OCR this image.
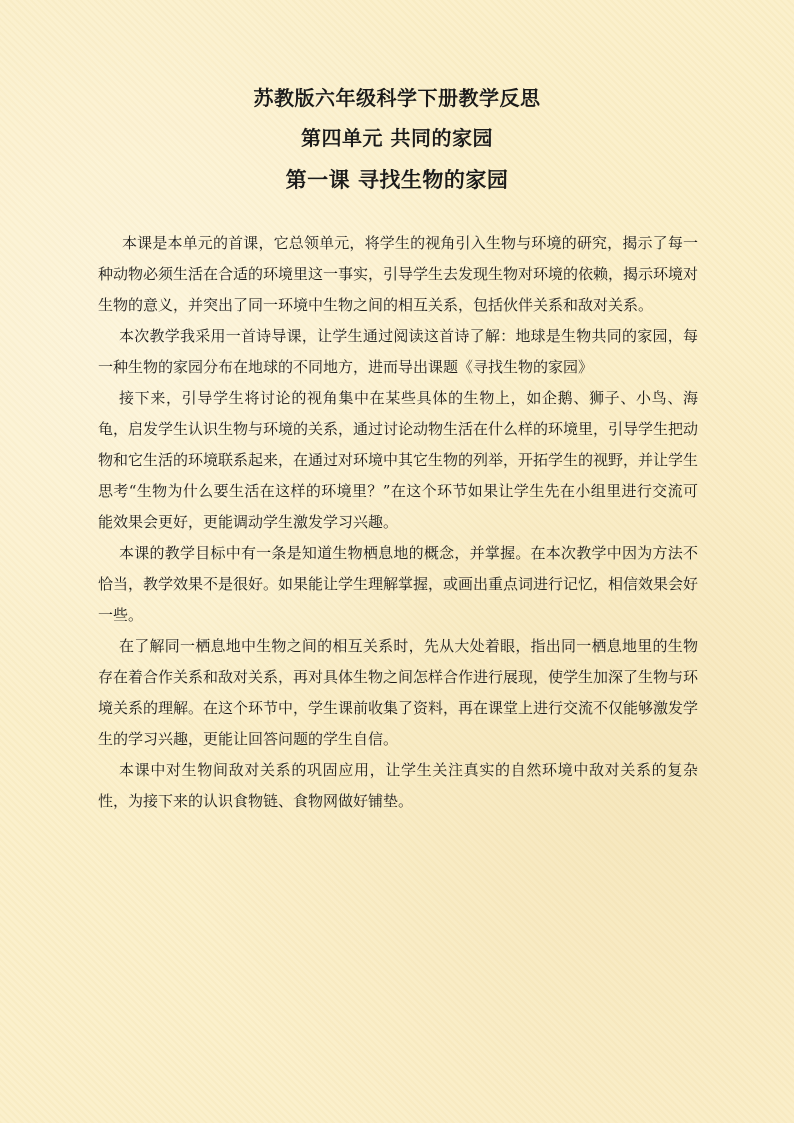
苏教版六年级科学下册教学反思
第四单元 共同的家园
第一课 寻找生物的家园

本课是本单元的首课，它总领单元，将学生的视角引入生物与环境的研究，揭示了每一种动物必须生活在合适的环境里这一事实，引导学生去发现生物对环境的依赖，揭示环境对生物的意义，并突出了同一环境中生物之间的相互关系，包括伙伴关系和敌对关系。

本次教学我采用一首诗导课，让学生通过阅读这首诗了解：地球是生物共同的家园，每一种生物的家园分布在地球的不同地方，进而导出课题《寻找生物的家园》

接下来，引导学生将讨论的视角集中在某些具体的生物上，如企鹅、狮子、小鸟、海龟，启发学生认识生物与环境的关系，通过讨论动物生活在什么样的环境里，引导学生把动物和它生活的环境联系起来，在通过对环境中其它生物的列举，开拓学生的视野，并让学生思考“生物为什么要生活在这样的环境里？”在这个环节如果让学生先在小组里进行交流可能效果会更好，更能调动学生激发学习兴趣。

本课的教学目标中有一条是知道生物栖息地的概念，并掌握。在本次教学中因为方法不恰当，教学效果不是很好。如果能让学生理解掌握，或画出重点词进行记忆，相信效果会好一些。

在了解同一栖息地中生物之间的相互关系时，先从大处着眼，指出同一栖息地里的生物存在着合作关系和敌对关系，再对具体生物之间怎样合作进行展现，使学生加深了生物与环境关系的理解。在这个环节中，学生课前收集了资料，再在课堂上进行交流不仅能够激发学生的学习兴趣，更能让回答问题的学生自信。

本课中对生物间敌对关系的巩固应用，让学生关注真实的自然环境中敌对关系的复杂性，为接下来的认识食物链、食物网做好铺垫。
